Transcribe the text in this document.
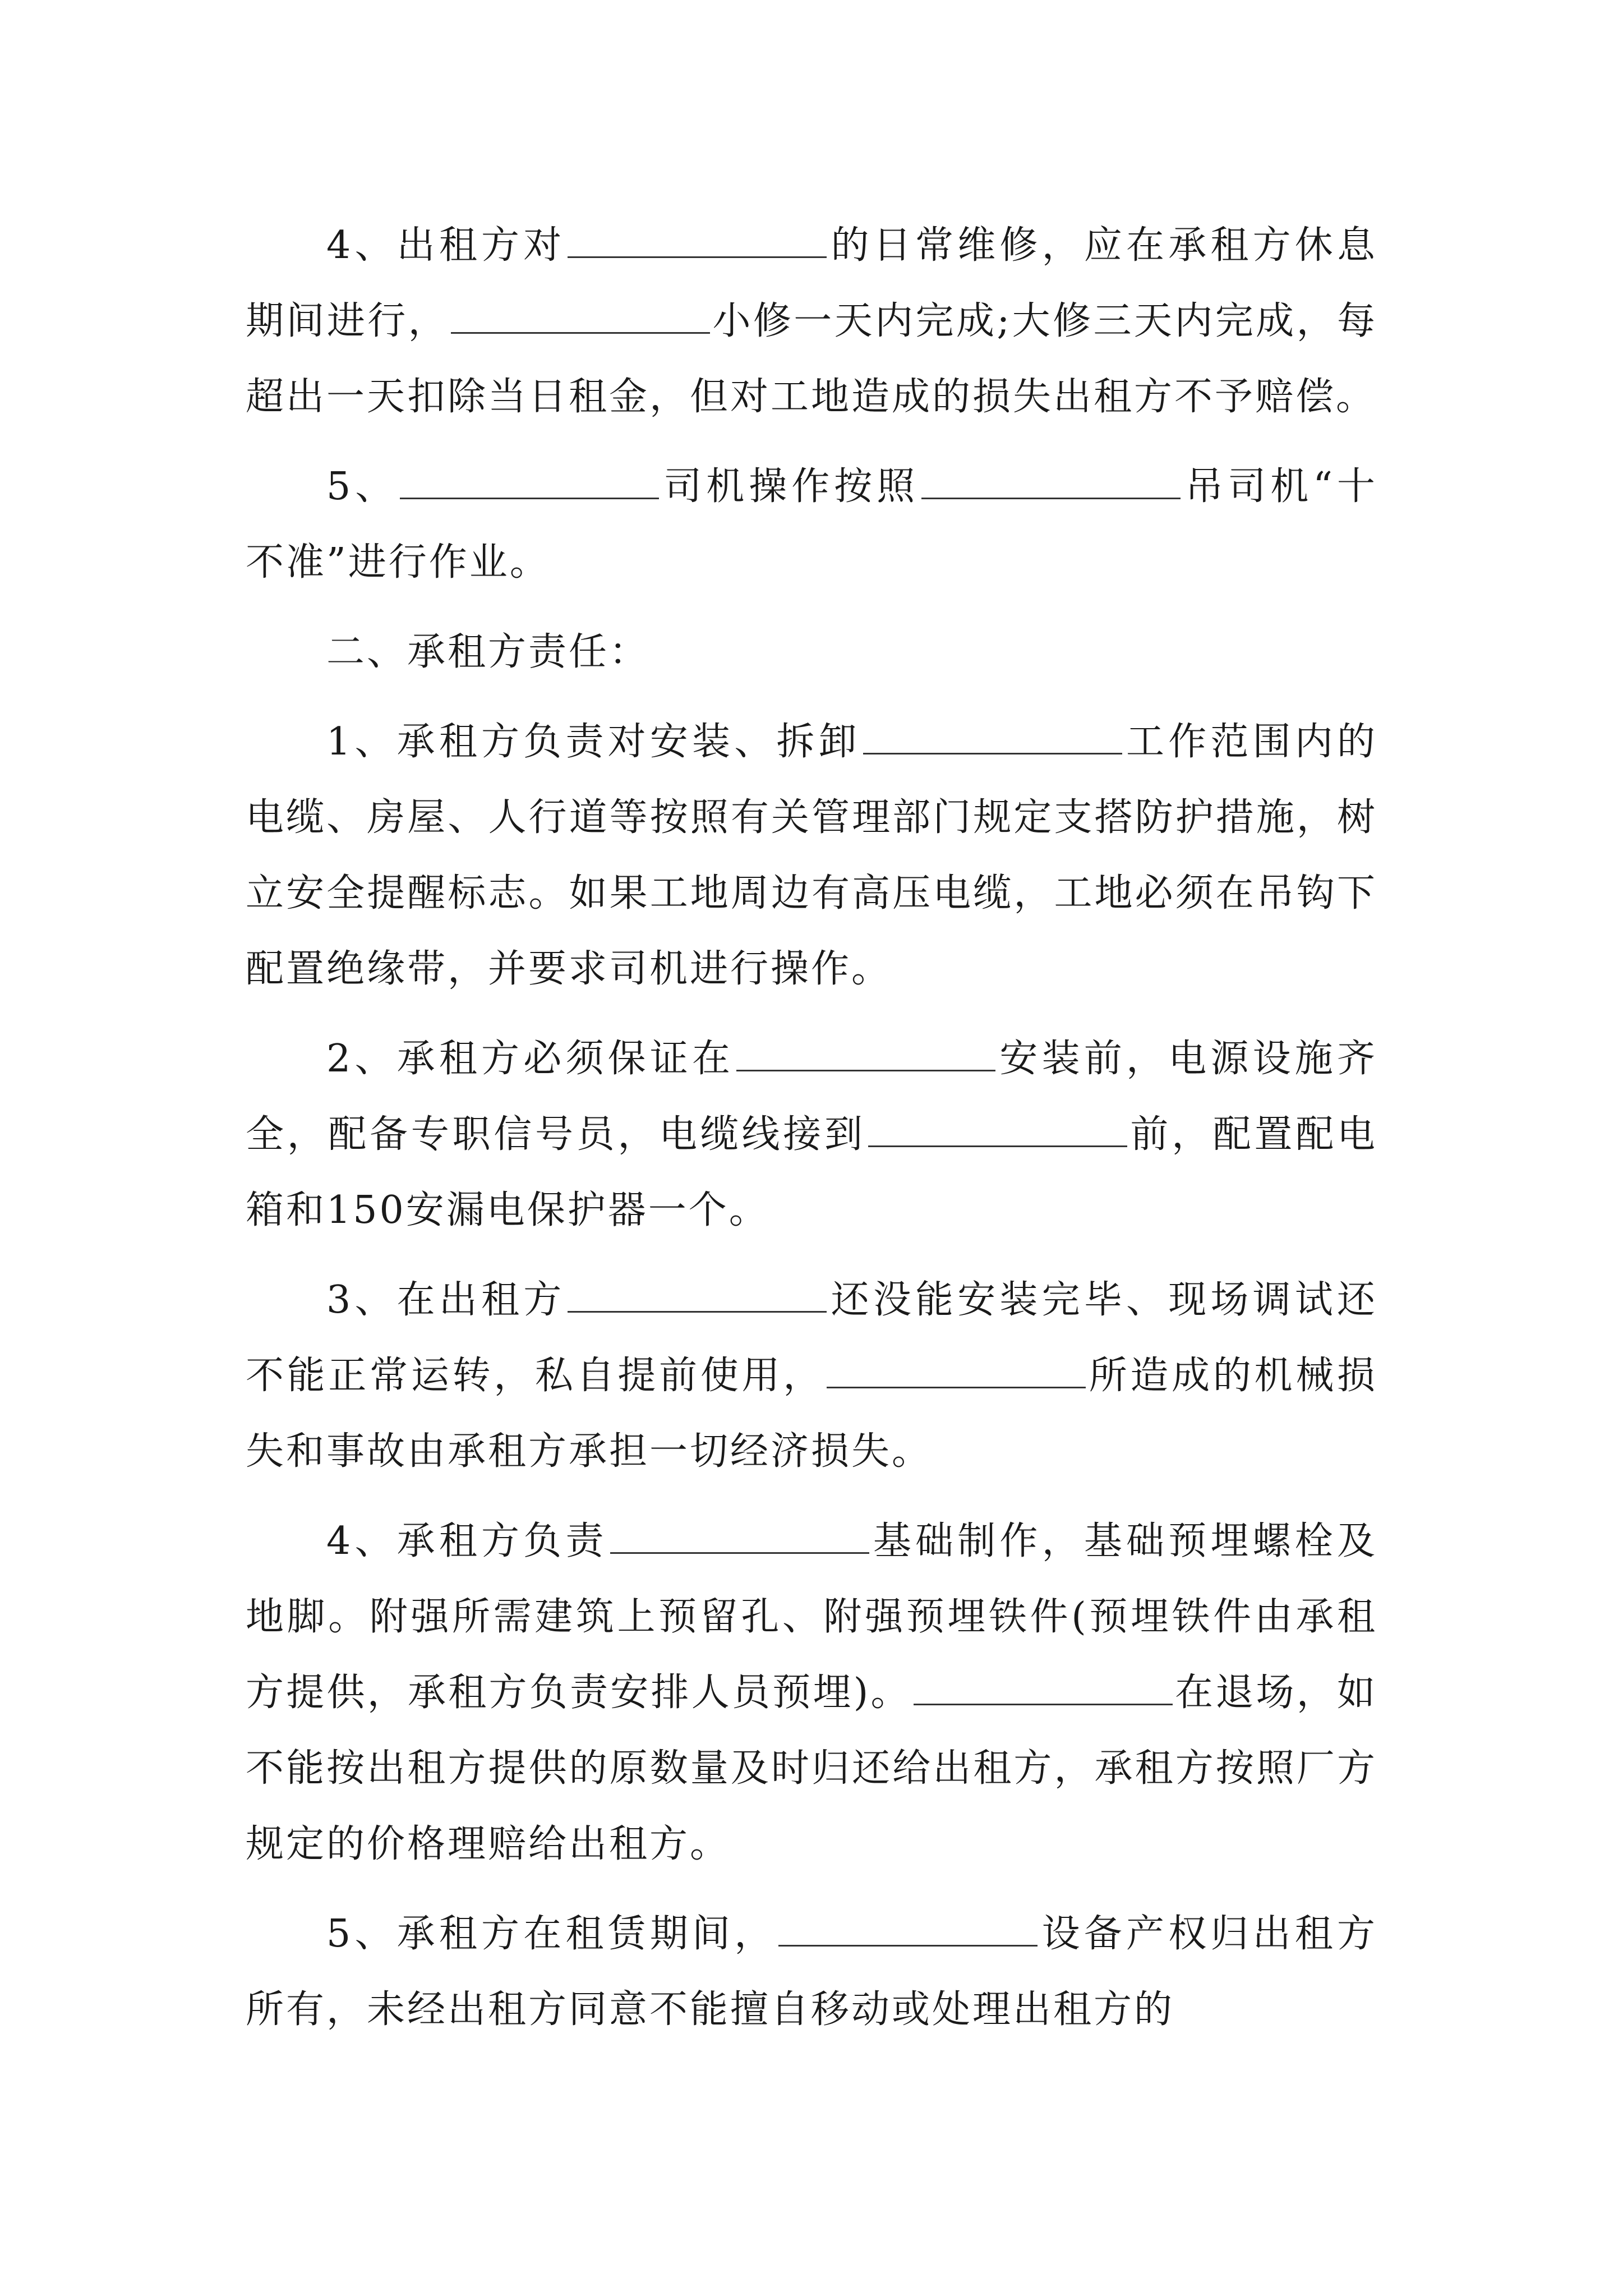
4、出租方对	的日常维修，应在承租方休息期间进行，	小修一天内完成;大修三天内完成，每超出一天扣除当日租金，但对工地造成的损失出租方不予赔偿。

5、	司机操作按照	吊司机“十不准”进行作业。

二、承租方责任：

1、承租方负责对安装、拆卸	工作范围内的电缆、房屋、人行道等按照有关管理部门规定支搭防护措施，树立安全提醒标志。如果工地周边有高压电缆，工地必须在吊钩下配置绝缘带，并要求司机进行操作。

2、承租方必须保证在	安装前，电源设施齐全，配备专职信号员，电缆线接到	前，配置配电箱和150安漏电保护器一个。

3、在出租方	还没能安装完毕、现场调试还不能正常运转，私自提前使用，	所造成的机械损失和事故由承租方承担一切经济损失。

4、承租方负责	基础制作，基础预埋螺栓及地脚。附强所需建筑上预留孔、附强预埋铁件(预埋铁件由承租方提供，承租方负责安排人员预埋)。	在退场，如不能按出租方提供的原数量及时归还给出租方，承租方按照厂方规定的价格理赔给出租方。

5、承租方在租赁期间，	设备产权归出租方所有，未经出租方同意不能擅自移动或处理出租方的
